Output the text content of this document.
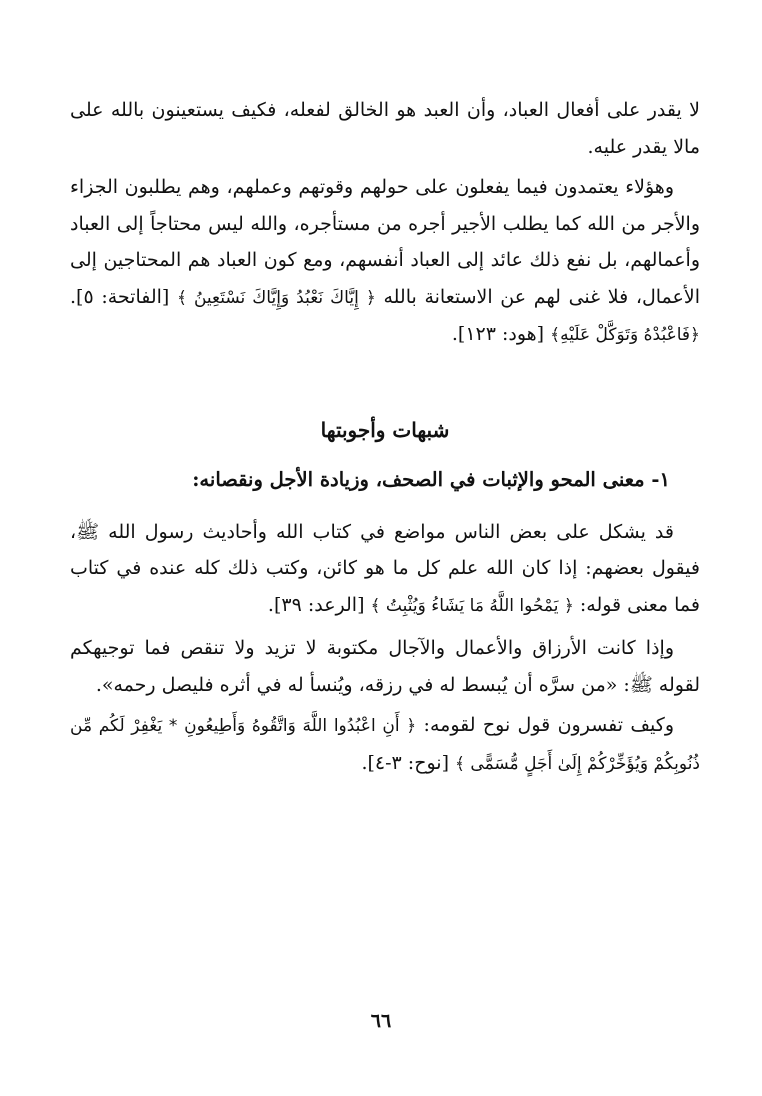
لا يقدر على أفعال العباد، وأن العبد هو الخالق لفعله، فكيف يستعينون بالله على مالا يقدر عليه.

وهؤلاء يعتمدون فيما يفعلون على حولهم وقوتهم وعملهم، وهم يطلبون الجزاء والأجر من الله كما يطلب الأجير أجره من مستأجره، والله ليس محتاجاً إلى العباد وأعمالهم، بل نفع ذلك عائد إلى العباد أنفسهم، ومع كون العباد هم المحتاجين إلى الأعمال، فلا غنى لهم عن الاستعانة بالله ﴿ إِيَّاكَ نَعْبُدُ وَإِيَّاكَ نَسْتَعِينُ ﴾ [الفاتحة: ٥]. ﴿فَاعْبُدْهُ وَتَوَكَّلْ عَلَيْهِ﴾ [هود: ١٢٣].

شبهات وأجوبتها
١- معنى المحو والإثبات في الصحف، وزيادة الأجل ونقصانه:

قد يشكل على بعض الناس مواضع في كتاب الله وأحاديث رسول الله ﷺ، فيقول بعضهم: إذا كان الله علم كل ما هو كائن، وكتب ذلك كله عنده في كتاب فما معنى قوله: ﴿ يَمْحُوا اللَّهُ مَا يَشَاءُ وَيُثْبِتُ ﴾ [الرعد: ٣٩].

وإذا كانت الأرزاق والأعمال والآجال مكتوبة لا تزيد ولا تنقص فما توجيهكم لقوله ﷺ: «من سرَّه أن يُبسط له في رزقه، ويُنسأ له في أثره فليصل رحمه».

وكيف تفسرون قول نوح لقومه: ﴿ أَنِ اعْبُدُوا اللَّهَ وَاتَّقُوهُ وَأَطِيعُونِ * يَغْفِرْ لَكُم مِّن ذُنُوبِكُمْ وَيُؤَخِّرْكُمْ إِلَىٰ أَجَلٍ مُّسَمًّى ﴾ [نوح: ٣-٤].

٦٦
